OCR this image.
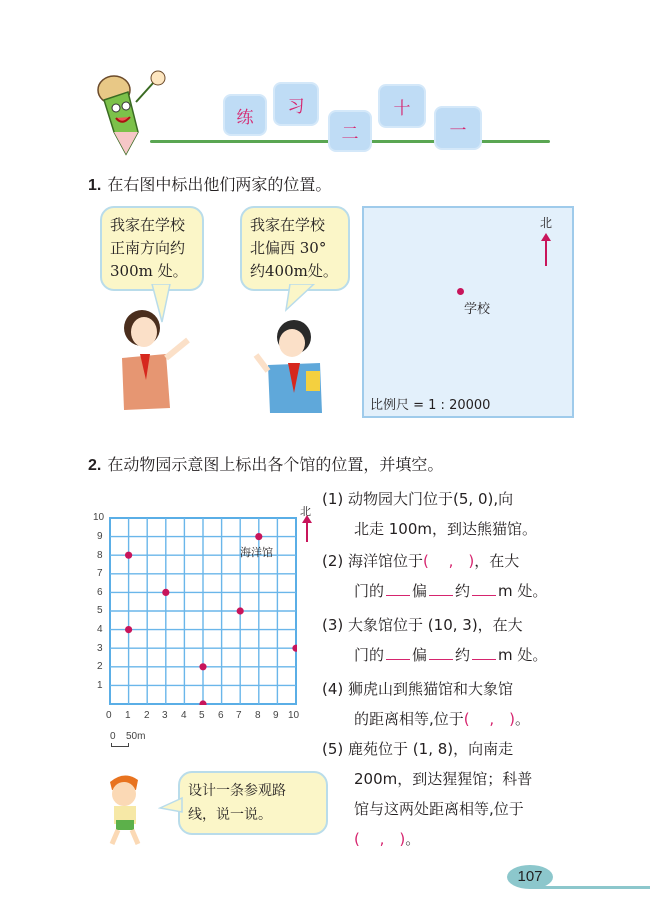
练
习
二
十
一
1. 在右图中标出他们两家的位置。
我家在学校
正南方向约
300m 处。
我家在学校
北偏西 30°
约400m处。
北
学校
比例尺 = 1 : 20000
2. 在动物园示意图上标出各个馆的位置，并填空。
海洋馆
10
9
8
7
6
5
4
3
2
1
0 1 2 3 4 5 6 7 8 9 10
北
0 50m
(1) 动物园大门位于(5, 0),向
北走 100m，到达熊猫馆。
(2) 海洋馆位于(　 ,　)，在大
门的 偏 约 m 处。
(3) 大象馆位于 (10, 3)，在大
门的 偏 约 m 处。
(4) 狮虎山到熊猫馆和大象馆
的距离相等,位于(　 ,　)。
(5) 鹿苑位于 (1, 8)，向南走
200m，到达猩猩馆；科普
馆与这两处距离相等,位于
(　 ,　)。
设计一条参观路
线，说一说。
107
